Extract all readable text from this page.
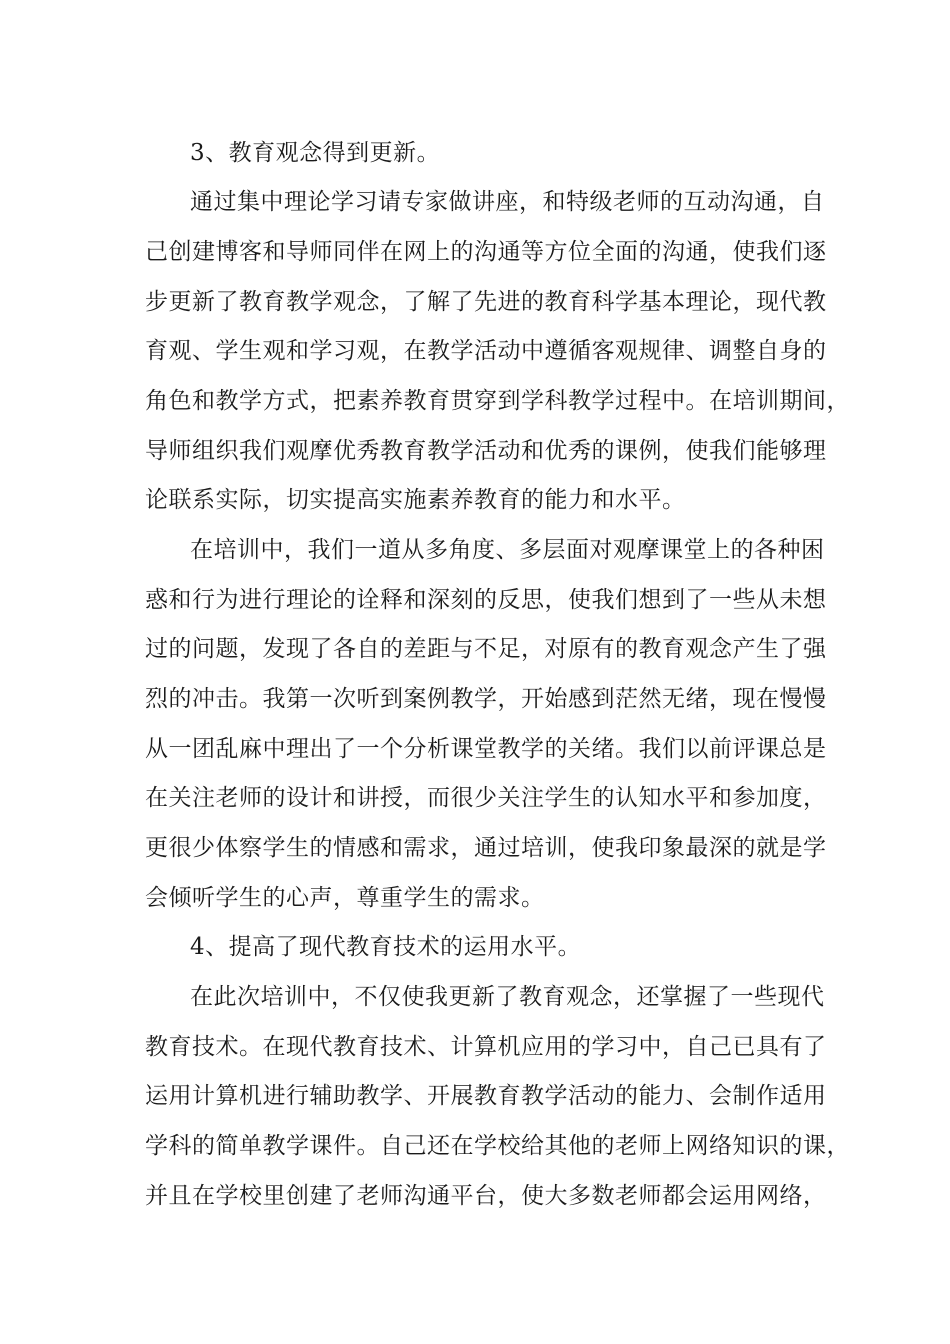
3、教育观念得到更新。
通过集中理论学习请专家做讲座，和特级老师的互动沟通，自
己创建博客和导师同伴在网上的沟通等方位全面的沟通，使我们逐
步更新了教育教学观念，了解了先进的教育科学基本理论，现代教
育观、学生观和学习观，在教学活动中遵循客观规律、调整自身的
角色和教学方式，把素养教育贯穿到学科教学过程中。在培训期间，
导师组织我们观摩优秀教育教学活动和优秀的课例，使我们能够理
论联系实际，切实提高实施素养教育的能力和水平。
在培训中，我们一道从多角度、多层面对观摩课堂上的各种困
惑和行为进行理论的诠释和深刻的反思，使我们想到了一些从未想
过的问题，发现了各自的差距与不足，对原有的教育观念产生了强
烈的冲击。我第一次听到案例教学，开始感到茫然无绪，现在慢慢
从一团乱麻中理出了一个分析课堂教学的关绪。我们以前评课总是
在关注老师的设计和讲授，而很少关注学生的认知水平和参加度，
更很少体察学生的情感和需求，通过培训，使我印象最深的就是学
会倾听学生的心声，尊重学生的需求。
4、提高了现代教育技术的运用水平。
在此次培训中，不仅使我更新了教育观念，还掌握了一些现代
教育技术。在现代教育技术、计算机应用的学习中，自己已具有了
运用计算机进行辅助教学、开展教育教学活动的能力、会制作适用
学科的简单教学课件。自己还在学校给其他的老师上网络知识的课，
并且在学校里创建了老师沟通平台，使大多数老师都会运用网络，
